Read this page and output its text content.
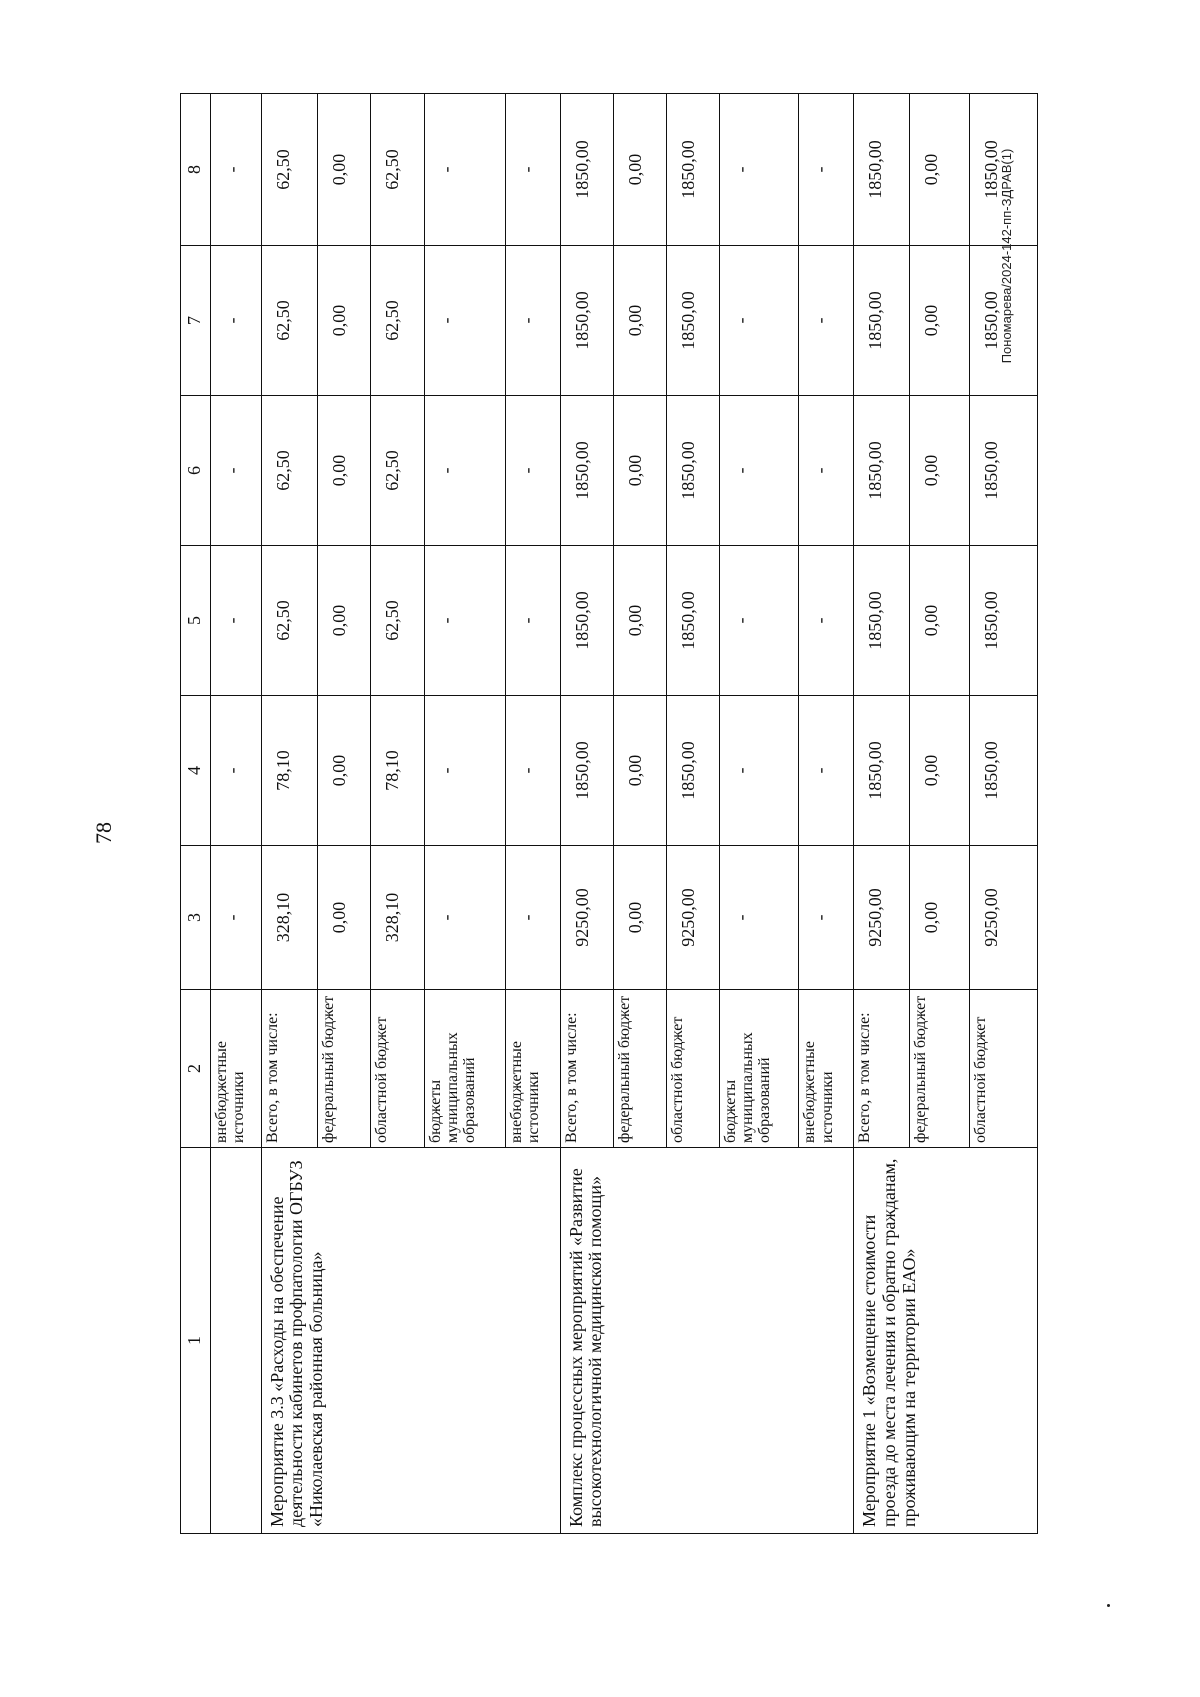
78
1	2	3	4	5	6	7	8
	внебюджетные источники	-	-	-	-	-	-
Мероприятие 3.3 «Расходы на обеспечение деятельности кабинетов профпатологии ОГБУЗ «Николаевская районная больница»	Всего, в том числе:	328,10	78,10	62,50	62,50	62,50	62,50
	федеральный бюджет	0,00	0,00	0,00	0,00	0,00	0,00
	областной бюджет	328,10	78,10	62,50	62,50	62,50	62,50
	бюджеты муниципальных образований	-	-	-	-	-	-
	внебюджетные источники	-	-	-	-	-	-
Комплекс процессных мероприятий «Развитие высокотехнологичной медицинской помощи»	Всего, в том числе:	9250,00	1850,00	1850,00	1850,00	1850,00	1850,00
	федеральный бюджет	0,00	0,00	0,00	0,00	0,00	0,00
	областной бюджет	9250,00	1850,00	1850,00	1850,00	1850,00	1850,00
	бюджеты муниципальных образований	-	-	-	-	-	-
	внебюджетные источники	-	-	-	-	-	-
Мероприятие 1 «Возмещение стоимости проезда до места лечения и обратно гражданам, проживающим на территории ЕАО»	Всего, в том числе:	9250,00	1850,00	1850,00	1850,00	1850,00	1850,00
	федеральный бюджет	0,00	0,00	0,00	0,00	0,00	0,00
	областной бюджет	9250,00	1850,00	1850,00	1850,00	1850,00	1850,00
Пономарева/2024-142-пп-ЗДРАВ(1)
